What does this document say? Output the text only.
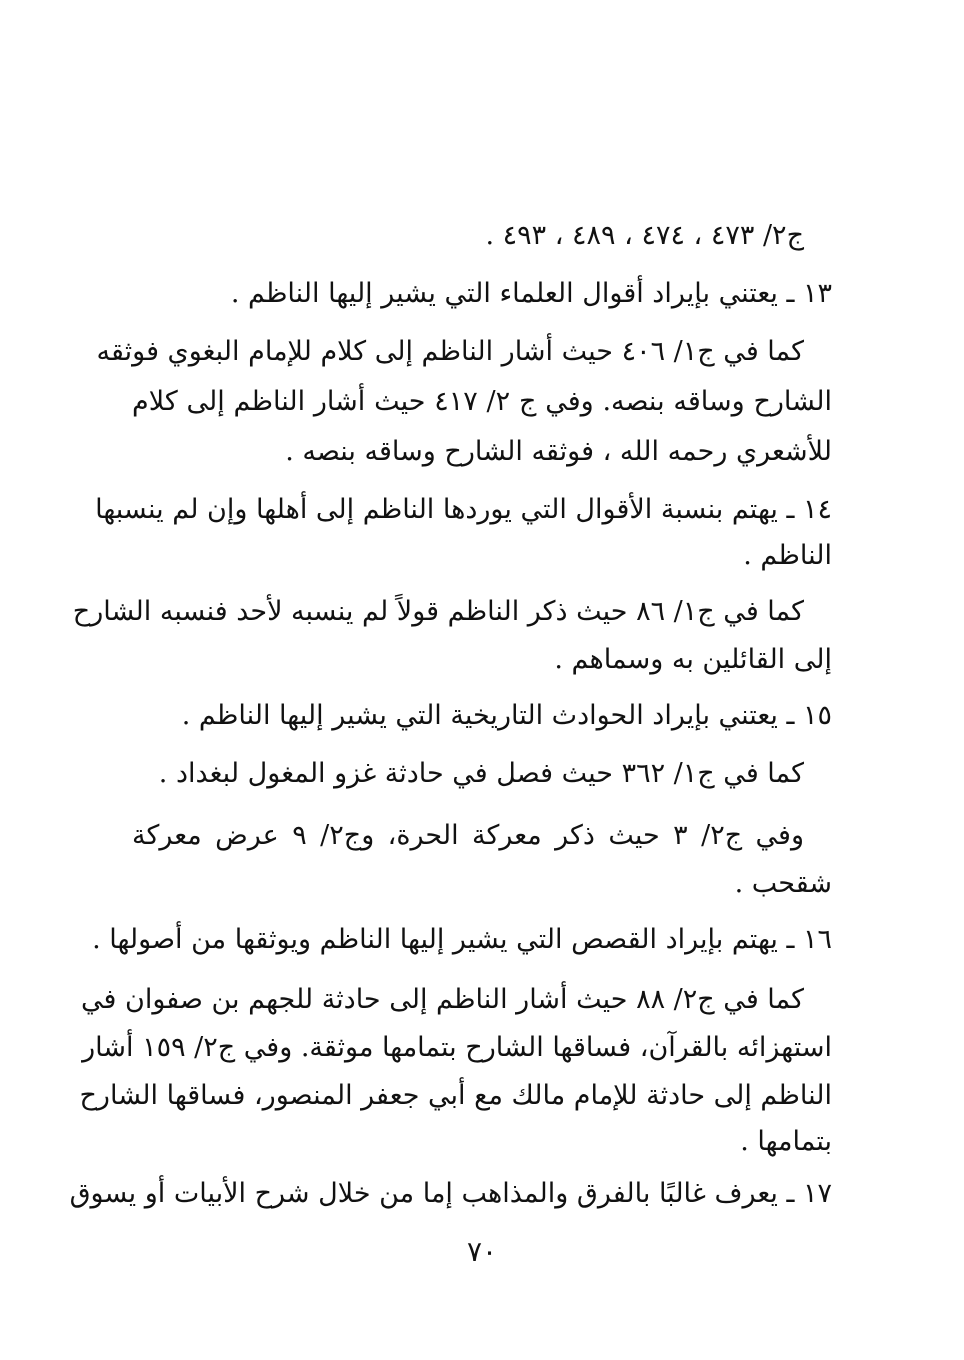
ج٢/ ٤٧٣ ، ٤٧٤ ، ٤٨٩ ، ٤٩٣ .
١٣ ـ يعتني بإيراد أقوال العلماء التي يشير إليها الناظم .
كما في ج١/ ٤٠٦ حيث أشار الناظم إلى كلام للإمام البغوي فوثقه
الشارح وساقه بنصه. وفي ج ٢/ ٤١٧ حيث أشار الناظم إلى كلام
للأشعري رحمه الله ، فوثقه الشارح وساقه بنصه .
١٤ ـ يهتم بنسبة الأقوال التي يوردها الناظم إلى أهلها وإن لم ينسبها
الناظم .
كما في ج١/ ٨٦ حيث ذكر الناظم قولاً لم ينسبه لأحد فنسبه الشارح
إلى القائلين به وسماهم .
١٥ ـ يعتني بإيراد الحوادث التاريخية التي يشير إليها الناظم .
كما في ج١/ ٣٦٢ حيث فصل في حادثة غزو المغول لبغداد .
وفي ج٢/ ٣ حيث ذكر معركة الحرة، وج٢/ ٩ عرض معركة
شقحب .
١٦ ـ يهتم بإيراد القصص التي يشير إليها الناظم ويوثقها من أصولها .
كما في ج٢/ ٨٨ حيث أشار الناظم إلى حادثة للجهم بن صفوان في
استهزائه بالقرآن، فساقها الشارح بتمامها موثقة. وفي ج٢/ ١٥٩ أشار
الناظم إلى حادثة للإمام مالك مع أبي جعفر المنصور، فساقها الشارح
بتمامها .
١٧ ـ يعرف غالبًا بالفرق والمذاهب إما من خلال شرح الأبيات أو يسوق
٧٠
